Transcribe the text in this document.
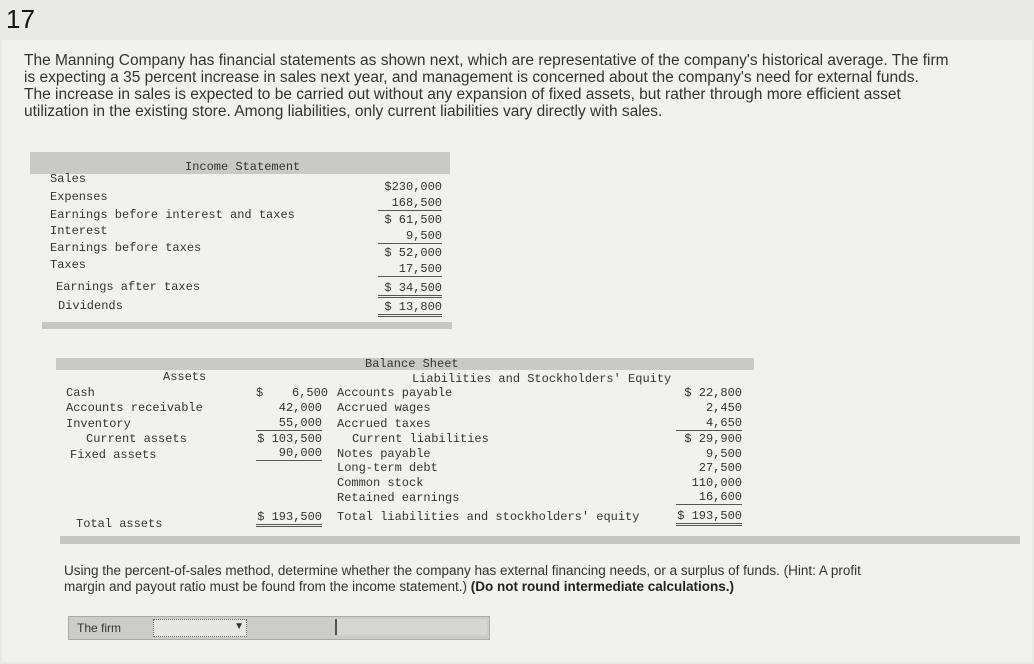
17
The Manning Company has financial statements as shown next, which are representative of the company's historical average. The firm
is expecting a 35 percent increase in sales next year, and management is concerned about the company's need for external funds.
The increase in sales is expected to be carried out without any expansion of fixed assets, but rather through more efficient asset
utilization in the existing store. Among liabilities, only current liabilities vary directly with sales.
Income Statement
Sales
Expenses
Earnings before interest and taxes
Interest
Earnings before taxes
Taxes
Earnings after taxes
Dividends
$230,000
168,500
$ 61,500
9,500
$ 52,000
17,500
$ 34,500
$ 13,800
Balance Sheet
Liabilities and Stockholders' Equity
Assets
Cash
Accounts receivable
Inventory
Current assets
Fixed assets
Total assets
$    6,500
42,000
55,000
$ 103,500
90,000
$ 193,500
Accounts payable
Accrued wages
Accrued taxes
Current liabilities
Notes payable
Long-term debt
Common stock
Retained earnings
Total liabilities and stockholders' equity
$ 22,800
2,450
4,650
$ 29,900
9,500
27,500
110,000
16,600
$ 193,500
Using the percent-of-sales method, determine whether the company has external financing needs, or a surplus of funds. (Hint: A profit
margin and payout ratio must be found from the income statement.) (Do not round intermediate calculations.)
The firm	▼
